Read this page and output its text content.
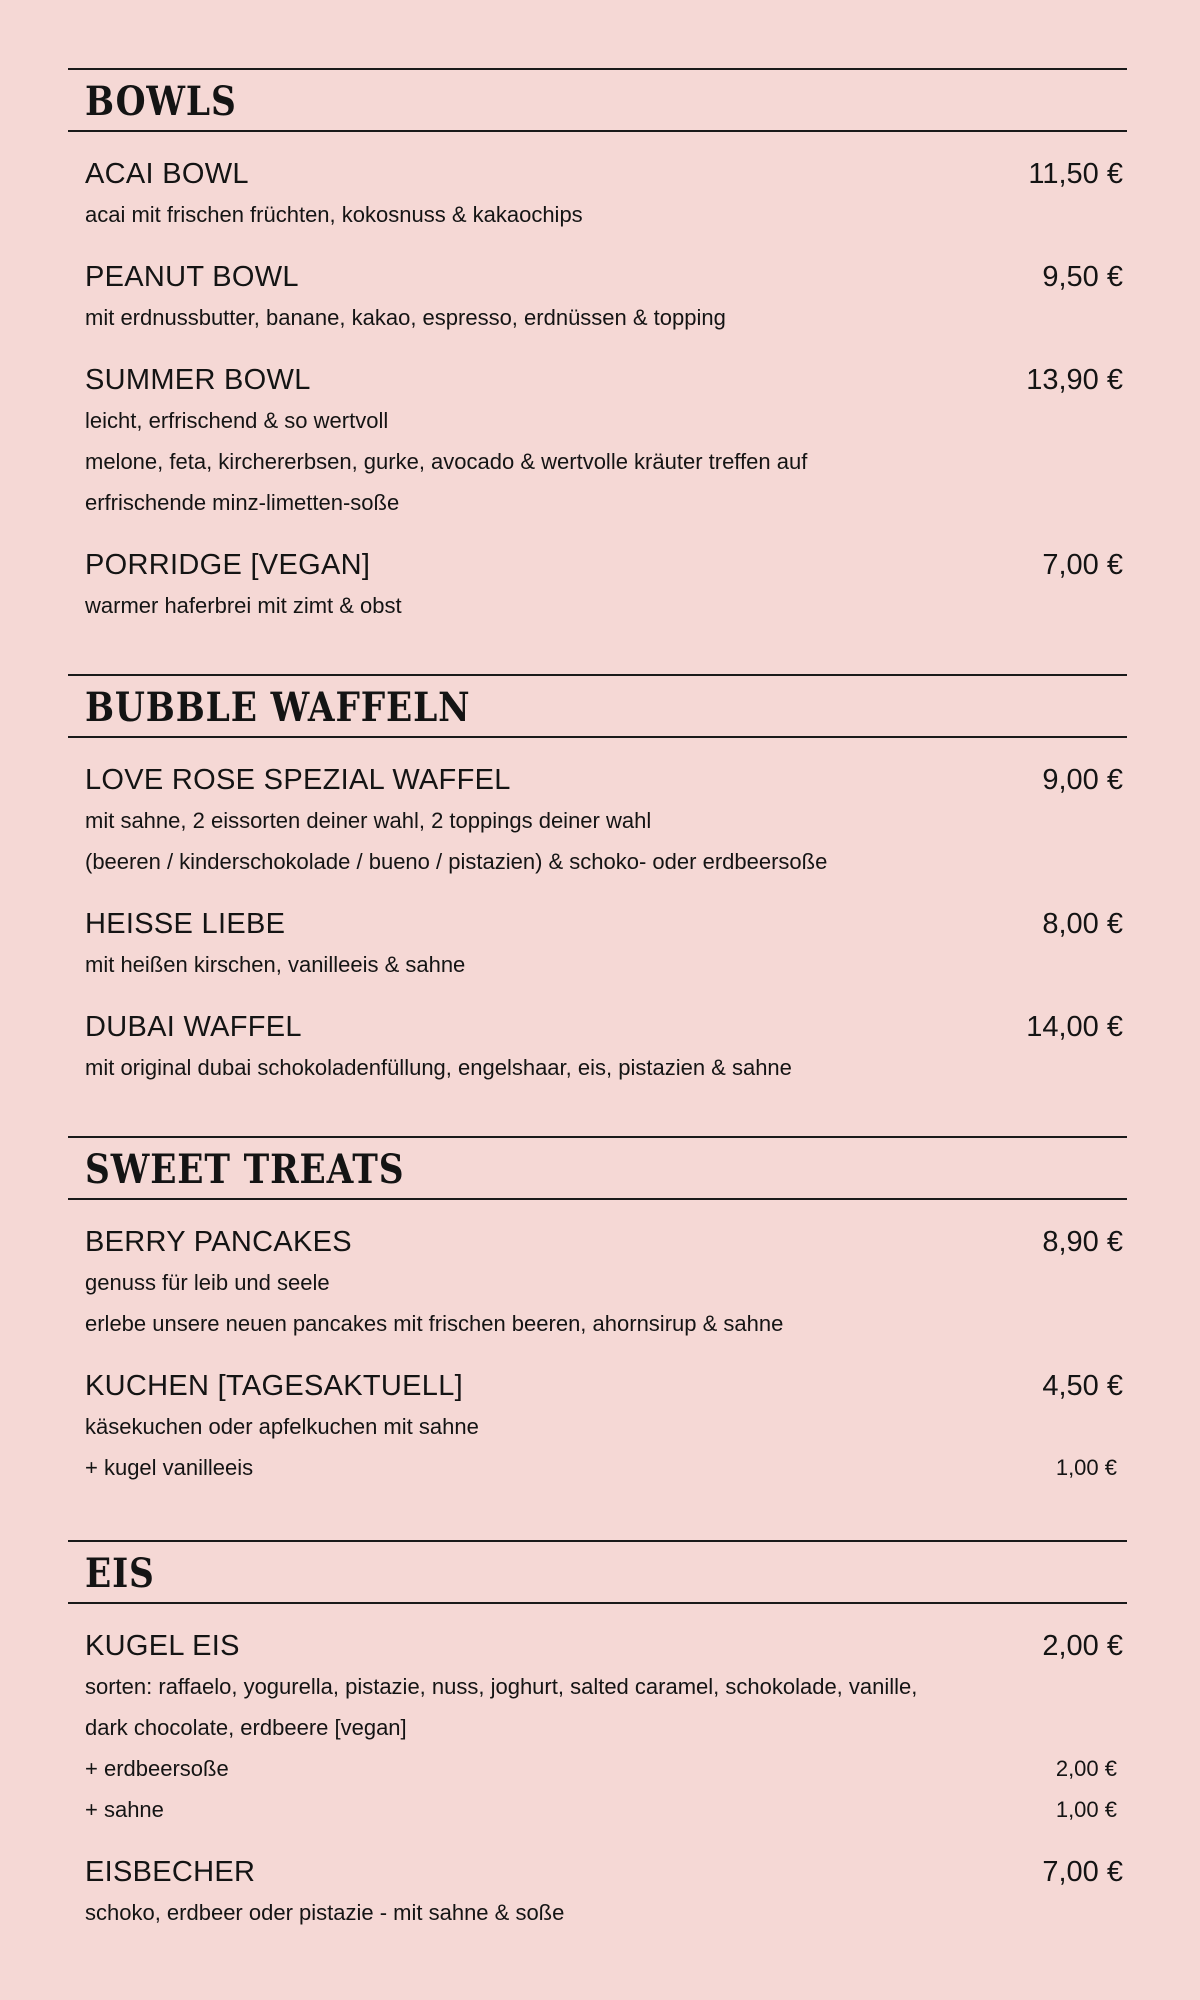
BOWLS
ACAI BOWL	11,50 €
acai mit frischen früchten, kokosnuss & kakaochips
PEANUT BOWL	9,50 €
mit erdnussbutter, banane, kakao, espresso, erdnüssen & topping
SUMMER BOWL	13,90 €
leicht, erfrischend & so wertvoll
melone, feta, kirchererbsen, gurke, avocado & wertvolle kräuter treffen auf
erfrischende minz-limetten-soße
PORRIDGE [VEGAN]	7,00 €
warmer haferbrei mit zimt & obst
BUBBLE WAFFELN
LOVE ROSE SPEZIAL WAFFEL	9,00 €
mit sahne, 2 eissorten deiner wahl, 2 toppings deiner wahl
(beeren / kinderschokolade / bueno / pistazien) & schoko- oder erdbeersoße
HEISSE LIEBE	8,00 €
mit heißen kirschen, vanilleeis & sahne
DUBAI WAFFEL	14,00 €
mit original dubai schokoladenfüllung, engelshaar, eis, pistazien & sahne
SWEET TREATS
BERRY PANCAKES	8,90 €
genuss für leib und seele
erlebe unsere neuen pancakes mit frischen beeren, ahornsirup & sahne
KUCHEN [TAGESAKTUELL]	4,50 €
käsekuchen oder apfelkuchen mit sahne
+ kugel vanilleeis	1,00 €
EIS
KUGEL EIS	2,00 €
sorten: raffaelo, yogurella, pistazie, nuss, joghurt, salted caramel, schokolade, vanille,
dark chocolate, erdbeere [vegan]
+ erdbeersoße	2,00 €
+ sahne	1,00 €
EISBECHER	7,00 €
schoko, erdbeer oder pistazie - mit sahne & soße
